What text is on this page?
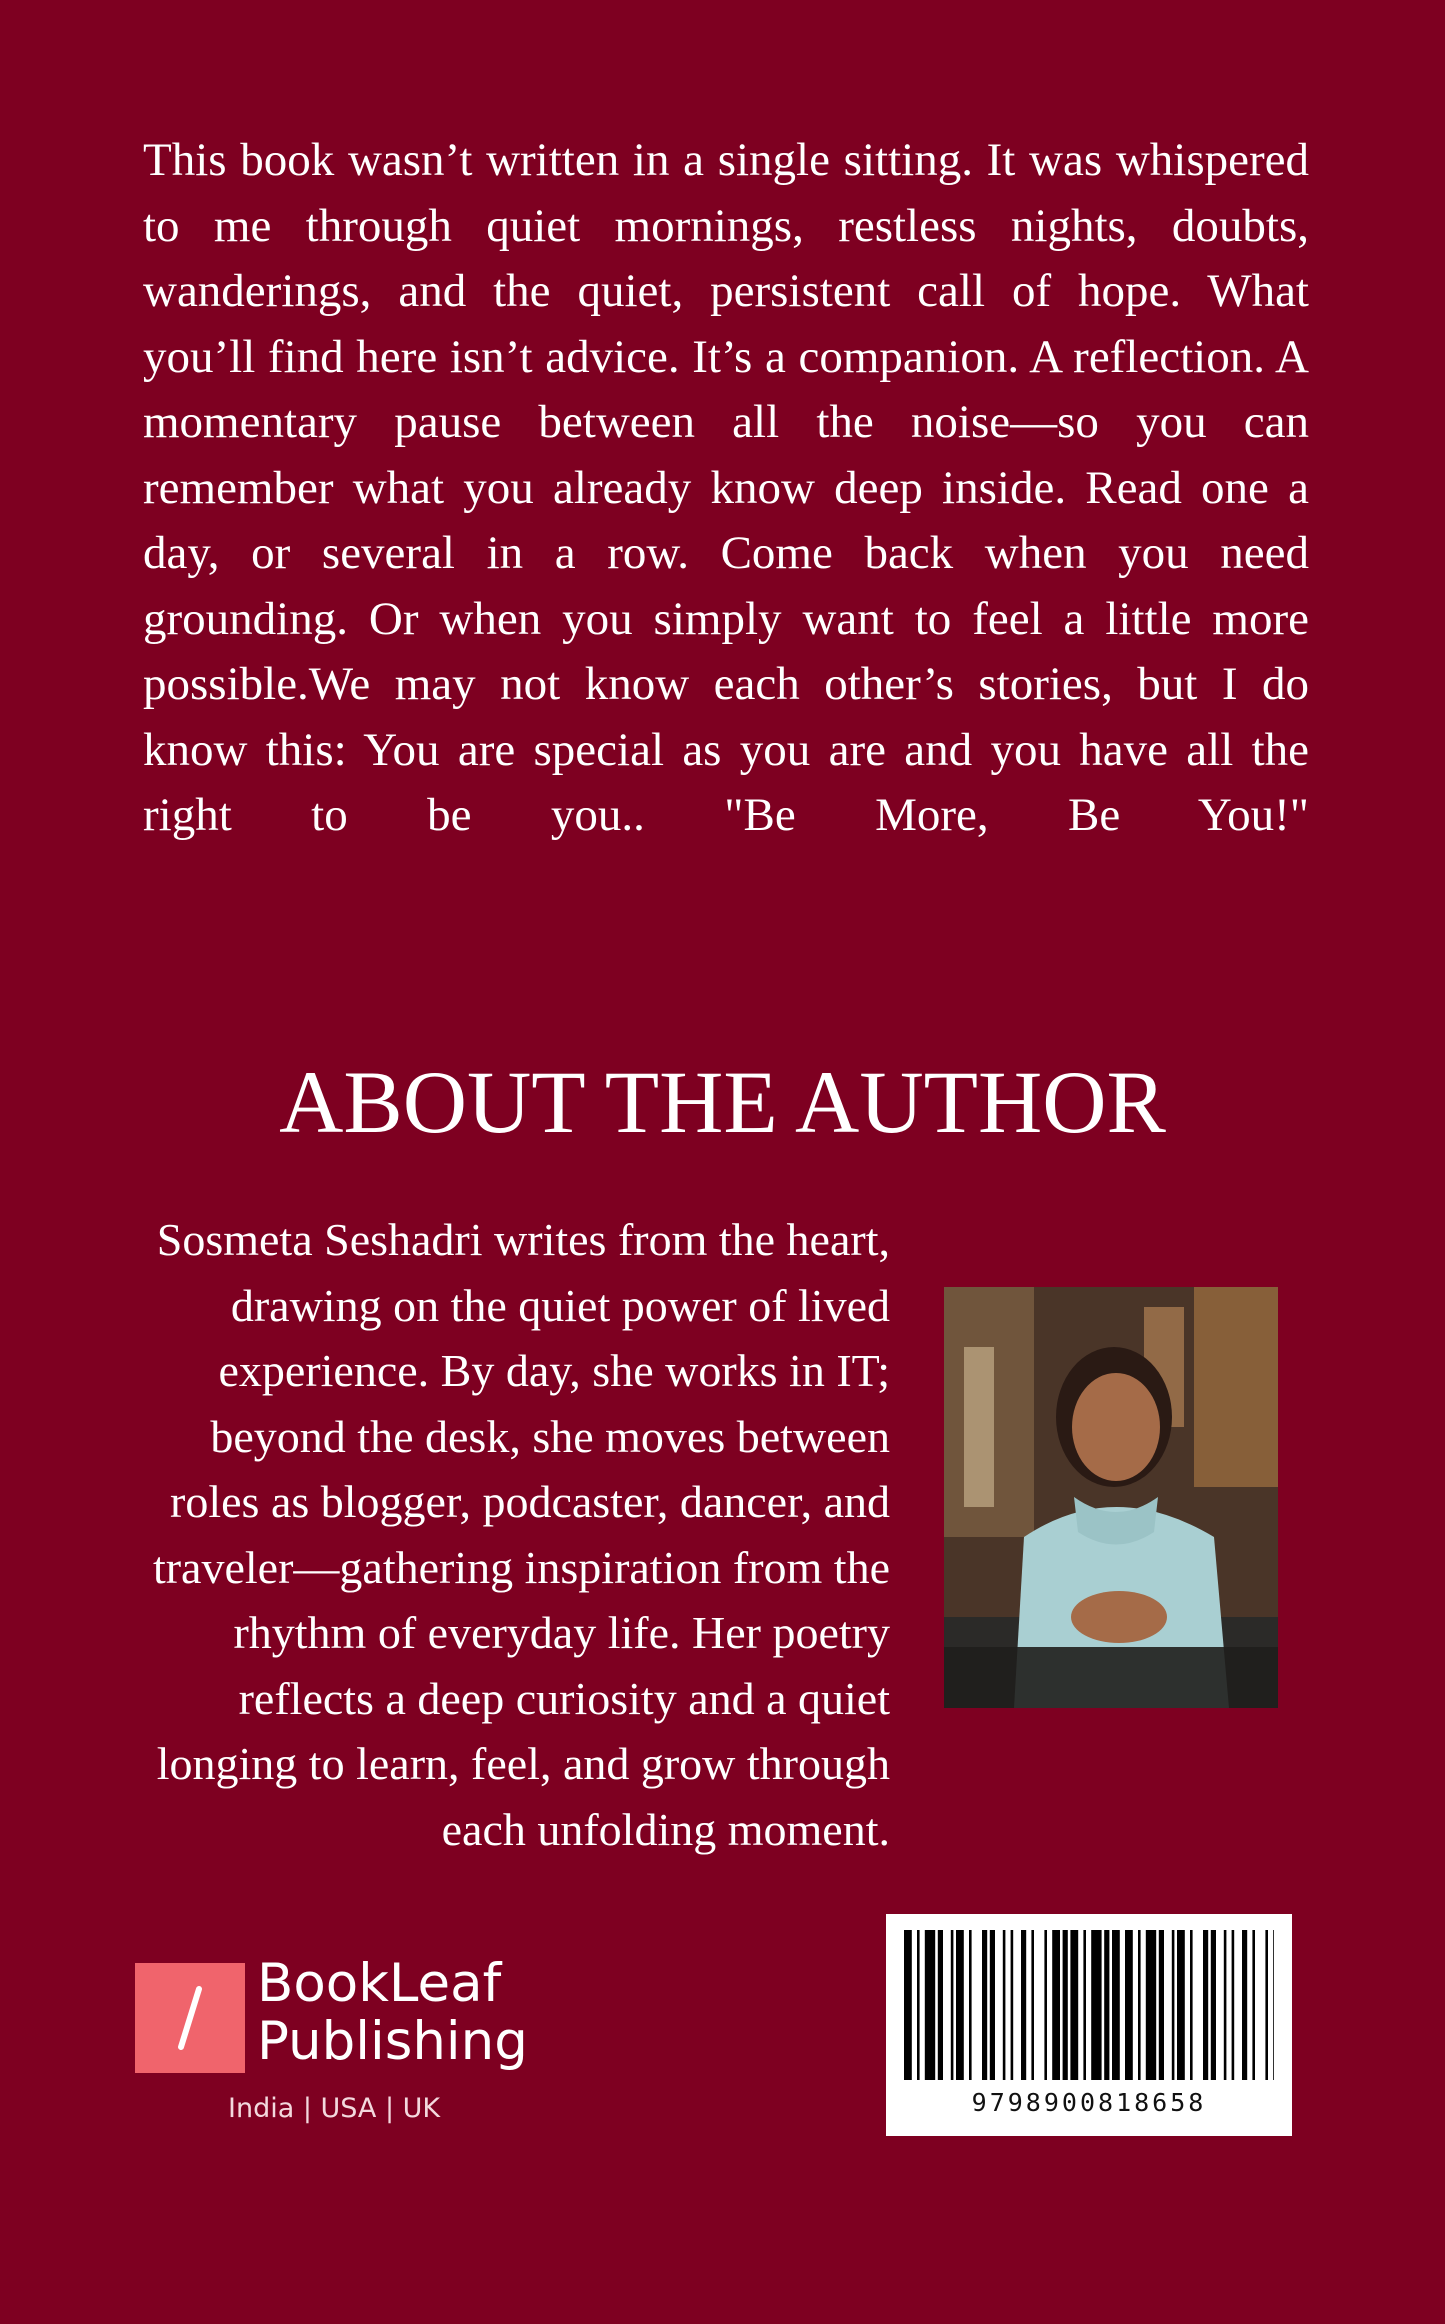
This book wasn’t written in a single sitting. It was whispered to me through quiet mornings, restless nights, doubts, wanderings, and the quiet, persistent call of hope. What you’ll find here isn’t advice. It’s a companion. A reflection. A momentary pause between all the noise—so you can remember what you already know deep inside. Read one a day, or several in a row. Come back when you need grounding. Or when you simply want to feel a little more possible.We may not know each other’s stories, but I do know this: You are special as you are and you have all the right to be you.. "Be More, Be You!"

ABOUT THE AUTHOR

Sosmeta Seshadri writes from the heart, drawing on the quiet power of lived experience. By day, she works in IT; beyond the desk, she moves between roles as blogger, podcaster, dancer, and traveler—gathering inspiration from the rhythm of everyday life. Her poetry reflects a deep curiosity and a quiet longing to learn, feel, and grow through each unfolding moment.

BookLeaf
Publishing
India | USA | UK	9798900818658
